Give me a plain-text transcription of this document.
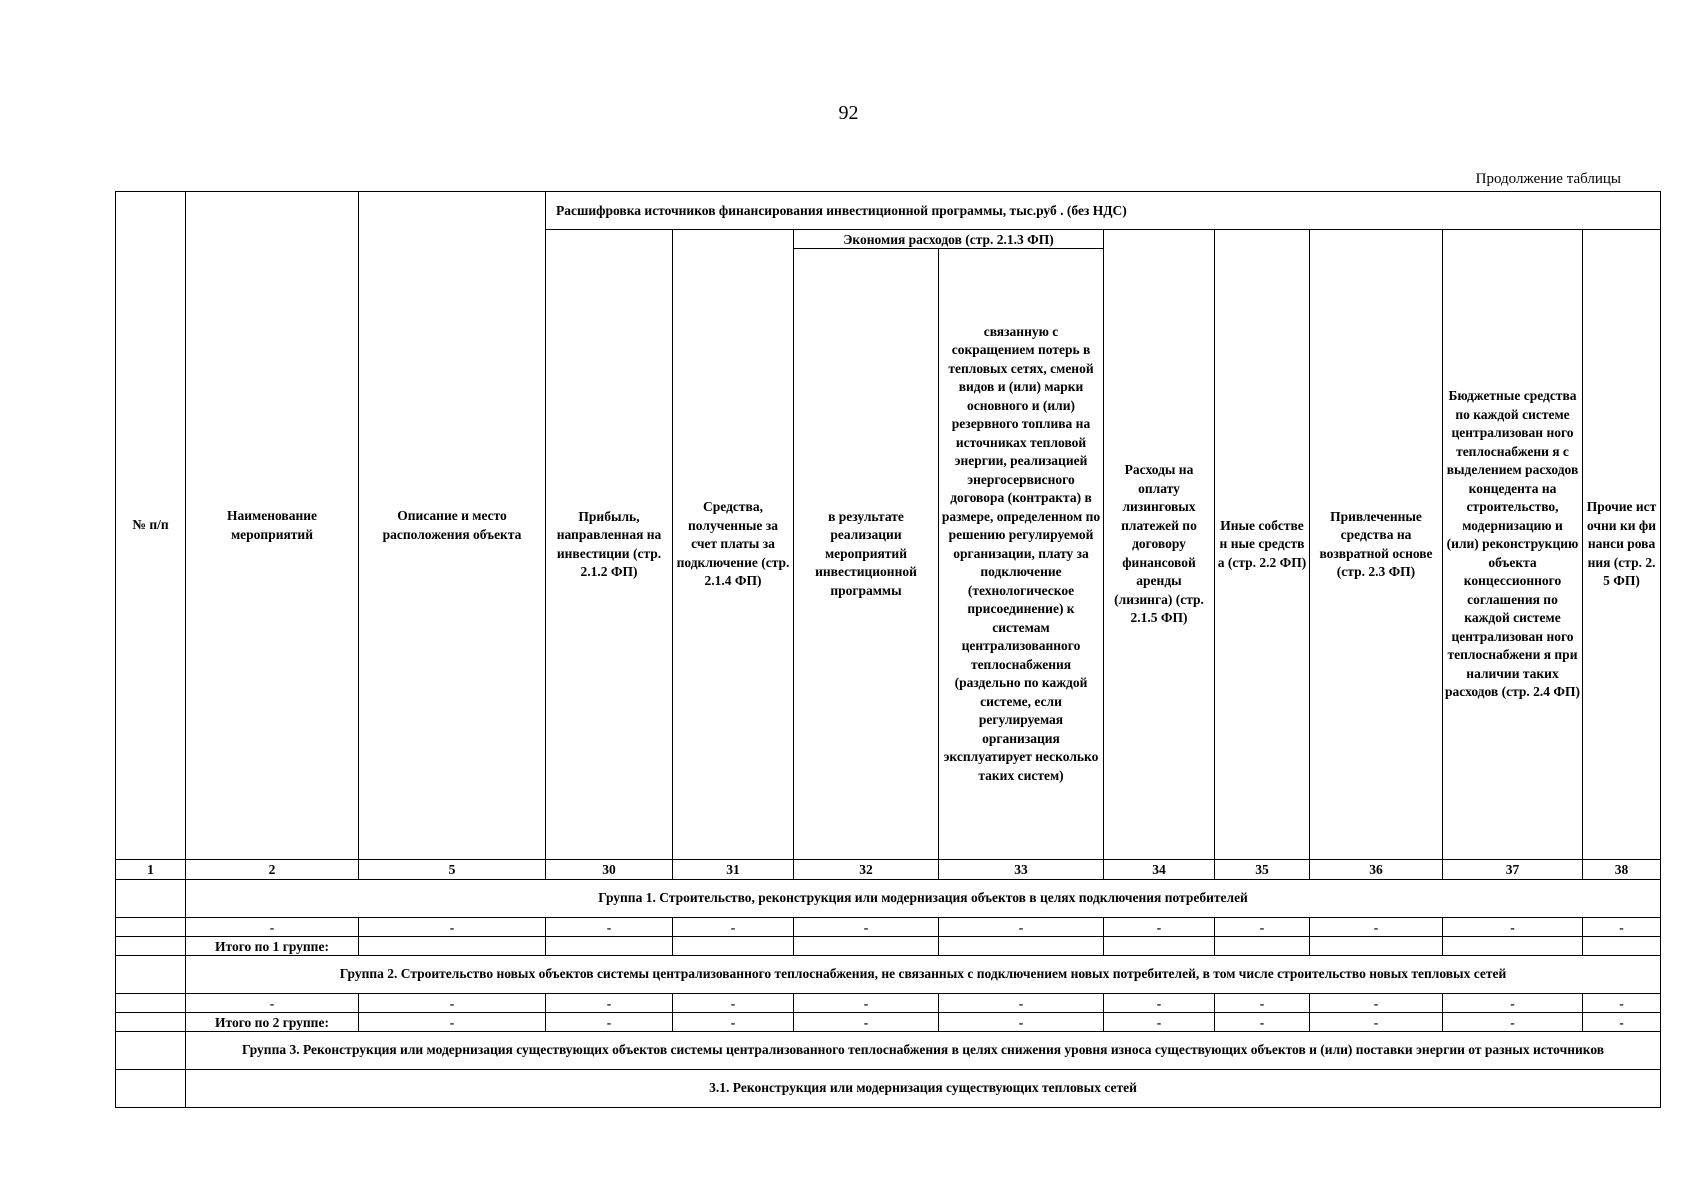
92
Продолжение таблицы
№ п/п	Наименование мероприятий	Описание и место расположения объекта	Расшифровка источников финансирования инвестиционной программы, тыс.руб . (без НДС)								
			Прибыль, направленная на инвестиции (стр. 2.1.2 ФП)	Средства, полученные за счет платы за подключение (стр. 2.1.4 ФП)	Экономия расходов (стр. 2.1.3 ФП)		Расходы на оплату лизинговых платежей по договору финансовой аренды (лизинга) (стр. 2.1.5 ФП)	Иные собствен ные средства (стр. 2.2 ФП)	Привлеченные средства на возвратной основе (стр. 2.3 ФП)	Бюджетные средства по каждой системе централизован ного теплоснабжени я с выделением расходов концедента на строительство, модернизацию и (или) реконструкцию объекта концессионного соглашения по каждой системе централизован ного теплоснабжени я при наличии таких расходов (стр. 2.4 ФП)	Прочие источни ки финанси рования (стр. 2.5 ФП)
					в результате реализации мероприятий инвестиционной программы	связанную с сокращением потерь в тепловых сетях, сменой видов и (или) марки основного и (или) резервного топлива на источниках тепловой энергии, реализацией энергосервисного договора (контракта) в размере, определенном по решению регулируемой организации, плату за подключение (технологическое присоединение) к системам централизованного теплоснабжения (раздельно по каждой системе, если регулируемая организация эксплуатирует несколько таких систем)					
1	2	5	30	31	32	33	34	35	36	37	38
	Группа 1. Строительство, реконструкция или модернизация объектов в целях подключения потребителей										
	-	-	-	-	-	-	-	-	-	-	-
	Итого по 1 группе:										
	Группа 2. Строительство новых объектов системы централизованного теплоснабжения, не связанных с подключением новых потребителей, в том числе строительство новых тепловых сетей										
	-	-	-	-	-	-	-	-	-	-	-
	Итого по 2 группе:	-	-	-	-	-	-	-	-	-	-
	Группа 3. Реконструкция или модернизация существующих объектов системы централизованного теплоснабжения в целях снижения уровня износа существующих объектов и (или) поставки энергии от разных источников										
	3.1. Реконструкция или модернизация существующих тепловых сетей										
